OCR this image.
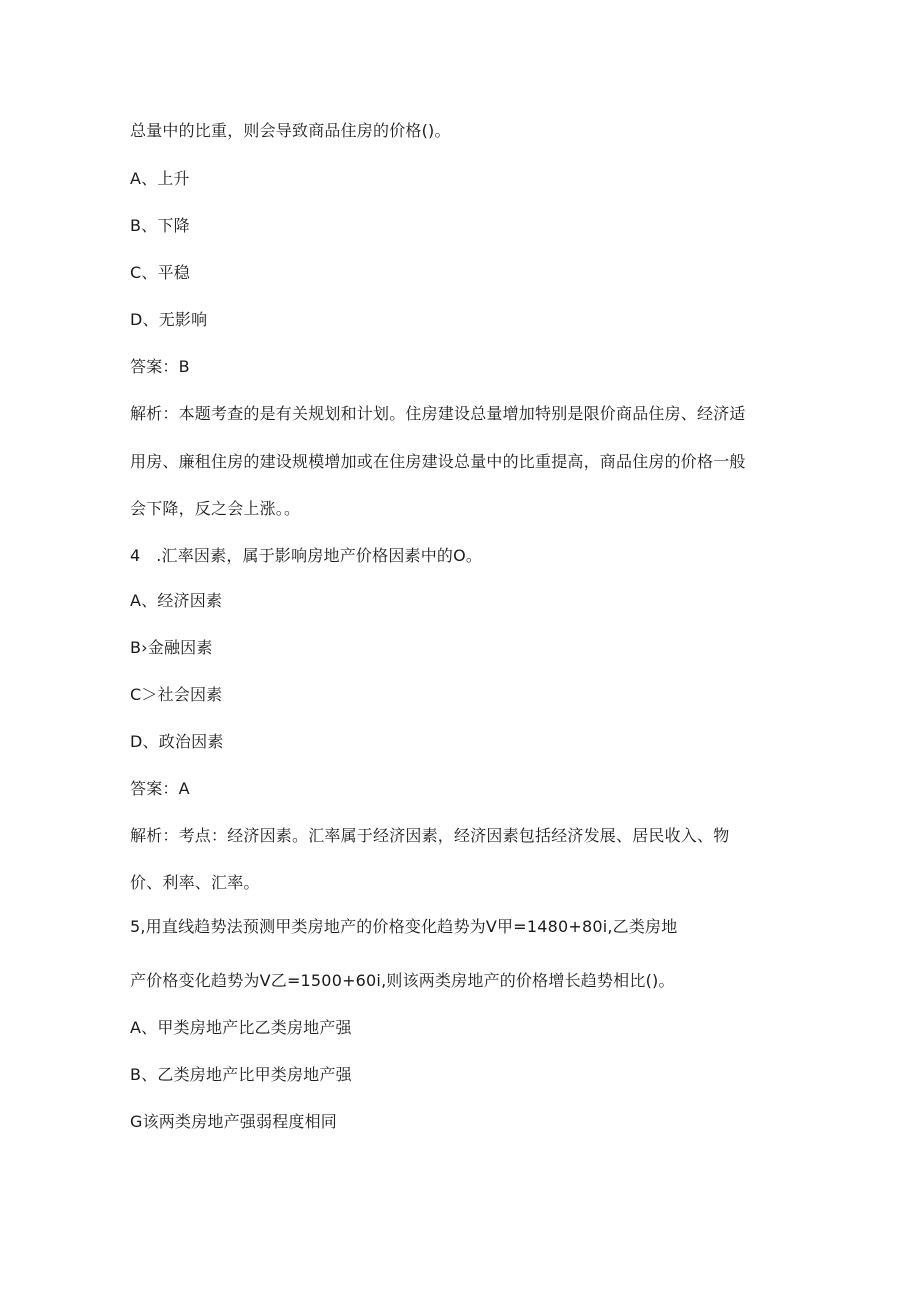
总量中的比重，则会导致商品住房的价格()。
A、上升
B、下降
C、平稳
D、无影响
答案：B
解析：本题考查的是有关规划和计划。住房建设总量增加特别是限价商品住房、经济适
用房、廉租住房的建设规模增加或在住房建设总量中的比重提高，商品住房的价格一般
会下降，反之会上涨。。
4   .汇率因素，属于影响房地产价格因素中的O。
A、经济因素
B›金融因素
C＞社会因素
D、政治因素
答案：A
解析：考点：经济因素。汇率属于经济因素，经济因素包括经济发展、居民收入、物
价、利率、汇率。
5,用直线趋势法预测甲类房地产的价格变化趋势为V甲=1480+80i,乙类房地
产价格变化趋势为V乙=1500+60i,则该两类房地产的价格增长趋势相比()。
A、甲类房地产比乙类房地产强
B、乙类房地产比甲类房地产强
G该两类房地产强弱程度相同
